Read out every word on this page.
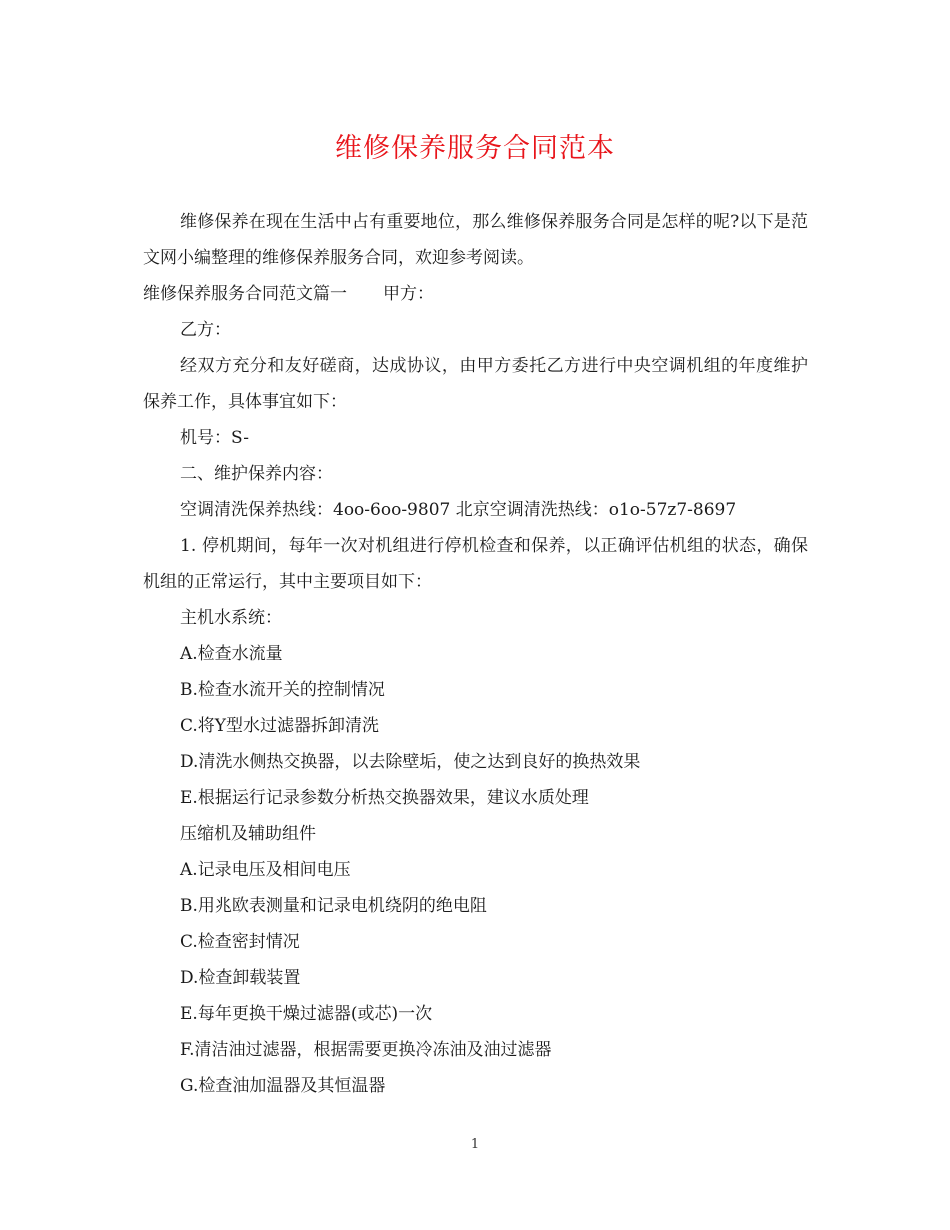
维修保养服务合同范本

维修保养在现在生活中占有重要地位，那么维修保养服务合同是怎样的呢?以下是范文网小编整理的维修保养服务合同，欢迎参考阅读。

维修保养服务合同范文篇一 甲方：

乙方：

经双方充分和友好磋商，达成协议，由甲方委托乙方进行中央空调机组的年度维护保养工作，具体事宜如下：

机号：S-

二、维护保养内容：

空调清洗保养热线：4oo-6oo-9807 北京空调清洗热线：o1o-57z7-8697

1. 停机期间，每年一次对机组进行停机检查和保养，以正确评估机组的状态，确保机组的正常运行，其中主要项目如下：

主机水系统：

A.检查水流量

B.检查水流开关的控制情况

C.将Y型水过滤器拆卸清洗

D.清洗水侧热交换器，以去除壁垢，使之达到良好的换热效果

E.根据运行记录参数分析热交换器效果，建议水质处理

压缩机及辅助组件

A.记录电压及相间电压

B.用兆欧表测量和记录电机绕阴的绝电阻

C.检查密封情况

D.检查卸载装置

E.每年更换干燥过滤器(或芯)一次

F.清洁油过滤器，根据需要更换冷冻油及油过滤器

G.检查油加温器及其恒温器

1
